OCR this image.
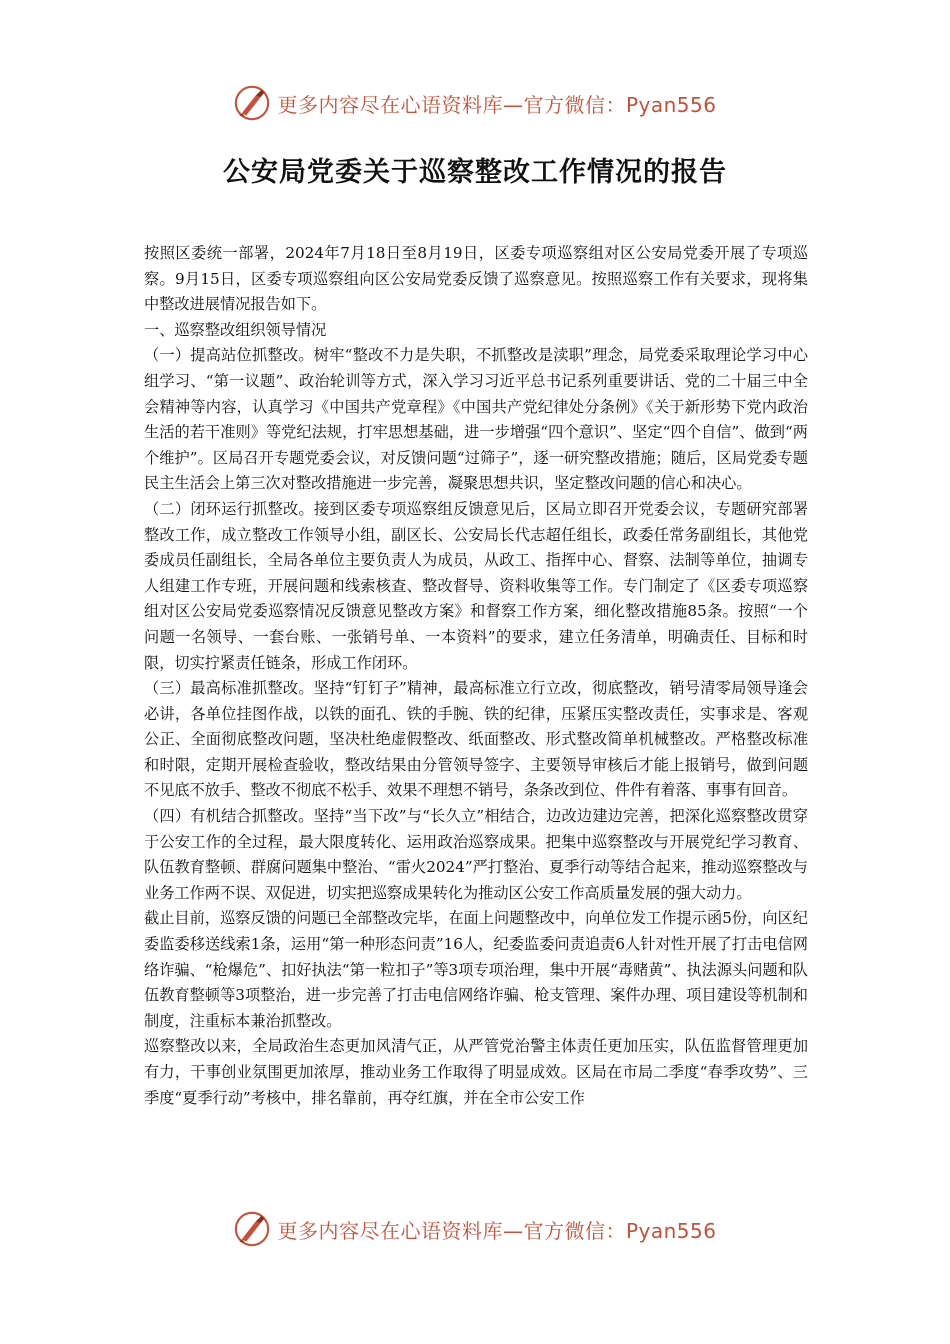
更多内容尽在心语资料库—官方微信：Pyan556
公安局党委关于巡察整改工作情况的报告

按照区委统一部署，2024年7月18日至8月19日，区委专项巡察组对区公安局党委开展了专项巡察。9月15日，区委专项巡察组向区公安局党委反馈了巡察意见。按照巡察工作有关要求，现将集中整改进展情况报告如下。

一、巡察整改组织领导情况

（一）提高站位抓整改。树牢“整改不力是失职，不抓整改是渎职”理念，局党委采取理论学习中心组学习、“第一议题”、政治轮训等方式，深入学习习近平总书记系列重要讲话、党的二十届三中全会精神等内容，认真学习《中国共产党章程》《中国共产党纪律处分条例》《关于新形势下党内政治生活的若干准则》等党纪法规，打牢思想基础，进一步增强“四个意识”、坚定“四个自信”、做到“两个维护”。区局召开专题党委会议，对反馈问题“过筛子”，逐一研究整改措施；随后，区局党委专题民主生活会上第三次对整改措施进一步完善，凝聚思想共识，坚定整改问题的信心和决心。

（二）闭环运行抓整改。接到区委专项巡察组反馈意见后，区局立即召开党委会议，专题研究部署整改工作，成立整改工作领导小组，副区长、公安局长代志超任组长，政委任常务副组长，其他党委成员任副组长，全局各单位主要负责人为成员，从政工、指挥中心、督察、法制等单位，抽调专人组建工作专班，开展问题和线索核查、整改督导、资料收集等工作。专门制定了《区委专项巡察组对区公安局党委巡察情况反馈意见整改方案》和督察工作方案，细化整改措施85条。按照“一个问题一名领导、一套台账、一张销号单、一本资料”的要求，建立任务清单，明确责任、目标和时限，切实拧紧责任链条，形成工作闭环。

（三）最高标准抓整改。坚持“钉钉子”精神，最高标准立行立改，彻底整改，销号清零局领导逢会必讲，各单位挂图作战，以铁的面孔、铁的手腕、铁的纪律，压紧压实整改责任，实事求是、客观公正、全面彻底整改问题，坚决杜绝虚假整改、纸面整改、形式整改简单机械整改。严格整改标准和时限，定期开展检查验收，整改结果由分管领导签字、主要领导审核后才能上报销号，做到问题不见底不放手、整改不彻底不松手、效果不理想不销号，条条改到位、件件有着落、事事有回音。

（四）有机结合抓整改。坚持“当下改”与“长久立”相结合，边改边建边完善，把深化巡察整改贯穿于公安工作的全过程，最大限度转化、运用政治巡察成果。把集中巡察整改与开展党纪学习教育、队伍教育整顿、群腐问题集中整治、“雷火2024”严打整治、夏季行动等结合起来，推动巡察整改与业务工作两不误、双促进，切实把巡察成果转化为推动区公安工作高质量发展的强大动力。

截止目前，巡察反馈的问题已全部整改完毕，在面上问题整改中，向单位发工作提示函5份，向区纪委监委移送线索1条，运用“第一种形态问责”16人，纪委监委问责追责6人针对性开展了打击电信网络诈骗、“枪爆危”、扣好执法“第一粒扣子”等3项专项治理，集中开展“毒赌黄”、执法源头问题和队伍教育整顿等3项整治，进一步完善了打击电信网络诈骗、枪支管理、案件办理、项目建设等机制和制度，注重标本兼治抓整改。

巡察整改以来，全局政治生态更加风清气正，从严管党治警主体责任更加压实，队伍监督管理更加有力，干事创业氛围更加浓厚，推动业务工作取得了明显成效。区局在市局二季度“春季攻势”、三季度“夏季行动”考核中，排名靠前，再夺红旗，并在全市公安工作

更多内容尽在心语资料库—官方微信：Pyan556
